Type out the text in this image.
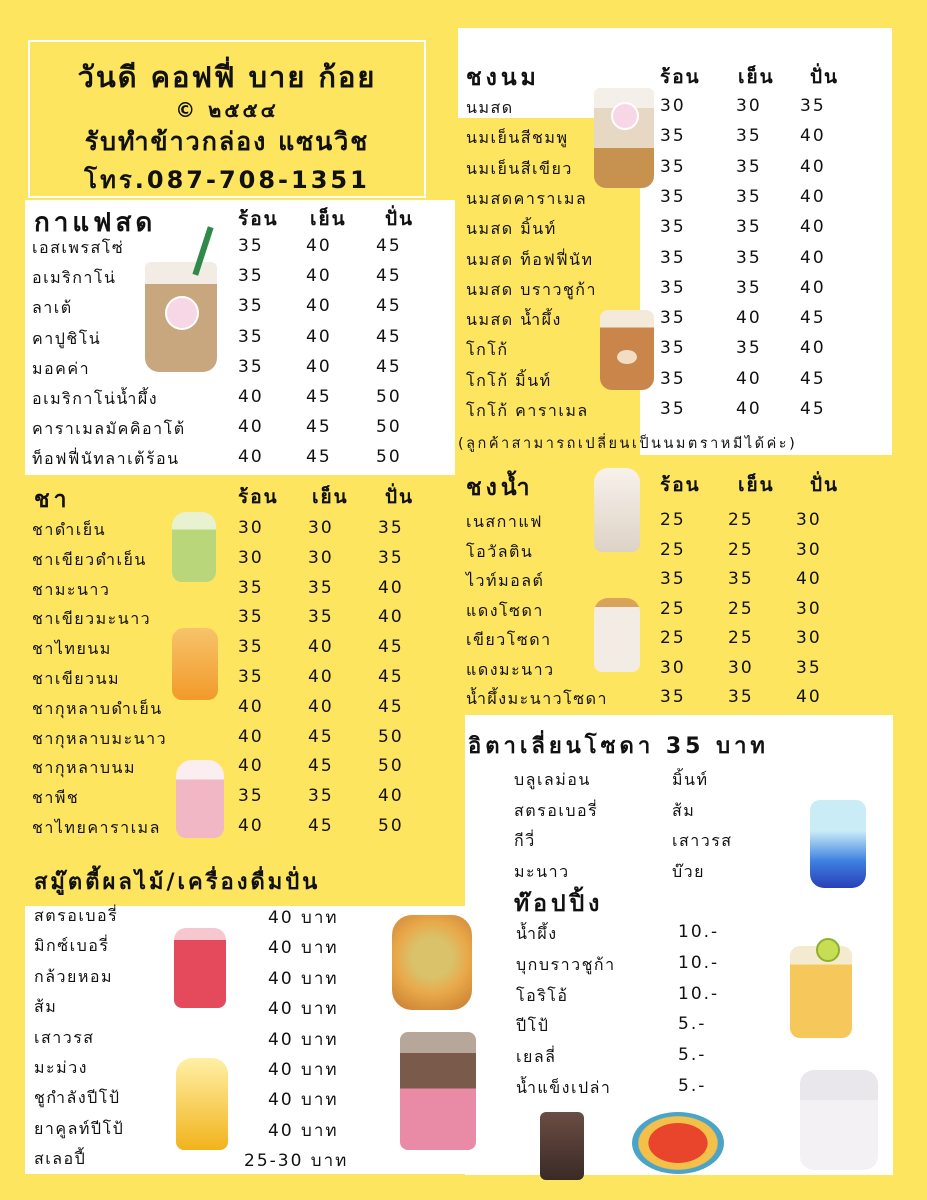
วันดี คอฟฟี่ บาย ก้อย
© ๒๕๕๔
รับทำข้าวกล่อง แซนวิช
โทร.087-708-1351
กาแฟสด	ร้อน เย็น ปั่น
เอสเพรสโซ่	35 40	45
อเมริกาโน่	35 40	45
ลาเต้	35 40	45
คาปูชิโน่	35 40	45
มอคค่า	35 40	45
อเมริกาโน่น้ำผึ้ง	40 45	50
คาราเมลมัคคิอาโต้	40 45	50
ท็อฟฟี่นัทลาเต้ร้อน	40 45	50
ชา	ร้อน เย็น ปั่น
ชาดำเย็น	30	30	35
ชาเขียวดำเย็น	30	30	35
ชามะนาว	35	35	40
ชาเขียวมะนาว	35	35	40
ชาไทยนม	35	40	45
ชาเขียวนม	35	40	45
ชากุหลาบดำเย็น	40	40	45
ชากุหลาบมะนาว	40	45	50
ชากุหลาบนม	40	45	50
ชาพีช	35	35	40
ชาไทยคาราเมล	40	45	50
สมู๊ตตี้ผลไม้/เครื่องดื่มปั่น
สตรอเบอรี่	40 บาท
มิกซ์เบอรี่	40 บาท
กล้วยหอม	40 บาท
ส้ม	40 บาท
เสาวรส	40 บาท
มะม่วง	40 บาท
ชูกำลังปีโป้	40 บาท
ยาคูลท์ปีโป้	40 บาท
สเลอปี้	25-30 บาท
ชงนม	ร้อน เย็น ปั่น
นมสด	30	30 35
นมเย็นสีชมพู	35	35 40
นมเย็นสีเขียว	35	35 40
นมสดคาราเมล	35	35 40
นมสด มิ้นท์	35	35 40
นมสด ท็อฟฟี่นัท	35	35 40
นมสด บราวชูก้า	35	35 40
นมสด น้ำผึ้ง	35	40 45
โกโก้	35	35 40
โกโก้ มิ้นท์	35	40 45
โกโก้ คาราเมล	35	40 45
(ลูกค้าสามารถเปลี่ยนเป็นนมตราหมีได้ค่ะ)
ชงน้ำ	ร้อน เย็น ปั่น
เนสกาแฟ	25 25 30
โอวัลติน	25 25 30
ไวท์มอลต์	35 35 40
แดงโซดา	25 25 30
เขียวโซดา	25 25 30
แดงมะนาว	30 30 35
น้ำผึ้งมะนาวโซดา	35 35 40
อิตาเลี่ยนโซดา 35 บาท
บลูเลม่อน	มิ้นท์
สตรอเบอรี่	ส้ม
กีวี่	เสาวรส
มะนาว	บ๊วย
ท๊อปปิ้ง
น้ำผึ้ง	10.-
บุกบราวชูก้า	10.-
โอริโอ้	10.-
ปีโป้	5.-
เยลลี่	5.-
น้ำแข็งเปล่า	5.-
